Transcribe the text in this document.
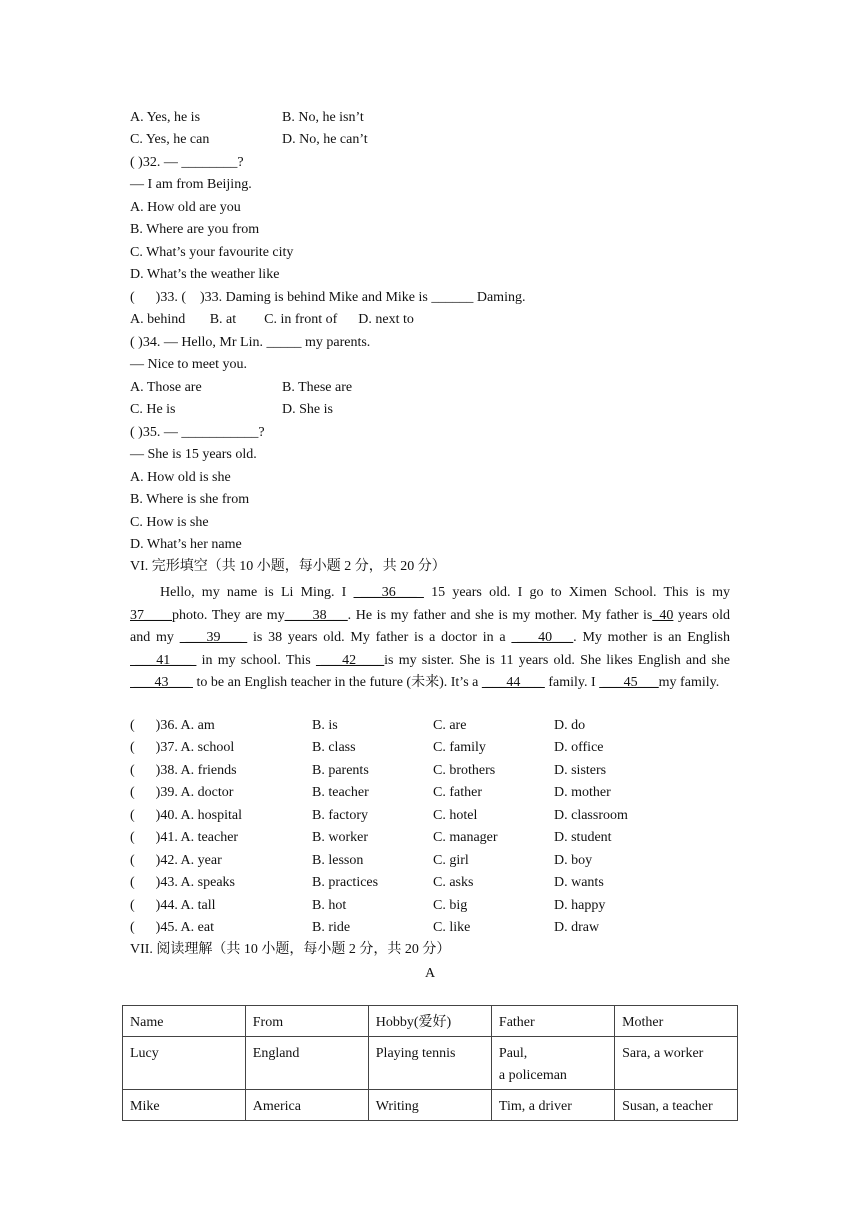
A. Yes, he is	B. No, he isn’t
C. Yes, he can	D. No, he can’t
( )32. — ________?
— I am from Beijing.
A. How old are you
B. Where are you from
C. What’s your favourite city
D. What’s the weather like
(      )33. (    )33. Daming is behind Mike and Mike is ______ Daming.
A. behind       B. at        C. in front of      D. next to
( )34. — Hello, Mr Lin. _____ my parents.
— Nice to meet you.
A. Those are	B. These are
C. He is	D. She is
( )35. — ___________?
— She is 15 years old.
A. How old is she
B. Where is she from
C. How is she
D. What’s her name
VI. 完形填空（共 10 小题，每小题 2 分，共 20 分）
Hello, my name is Li Ming. I  ___36___  15 years old. I go to Ximen School. This is my 37____photo. They are my____38___. He is my father and she is my mother. My father is_40 years old and my  ___39___  is 38 years old. My father is a doctor in a  ___40___. My mother is an English  ___41___  in my school. This  ___42____is my sister. She is 11 years old. She likes English and she  ___43___  to be an English teacher in the future (未来). It’s a  ___44___  family. I  ___45___my family.
(      )36. A. am	B. is	C. are	D. do
(      )37. A. school	B. class	C. family	D. office
(      )38. A. friends	B. parents	C. brothers	D. sisters
(      )39. A. doctor	B. teacher	C. father	D. mother
(      )40. A. hospital	B. factory	C. hotel	D. classroom
(      )41. A. teacher	B. worker	C. manager	D. student
(      )42. A. year	B. lesson	C. girl	D. boy
(      )43. A. speaks	B. practices	C. asks	D. wants
(      )44. A. tall	B. hot	C. big	D. happy
(      )45. A. eat	B. ride	C. like	D. draw
VII. 阅读理解（共 10 小题，每小题 2 分，共 20 分）
A
Name	From	Hobby(爱好)	Father	Mother
Lucy	England	Playing tennis	Paul,                       a policeman	Sara, a worker
Mike	America	Writing	Tim, a driver	Susan, a teacher
